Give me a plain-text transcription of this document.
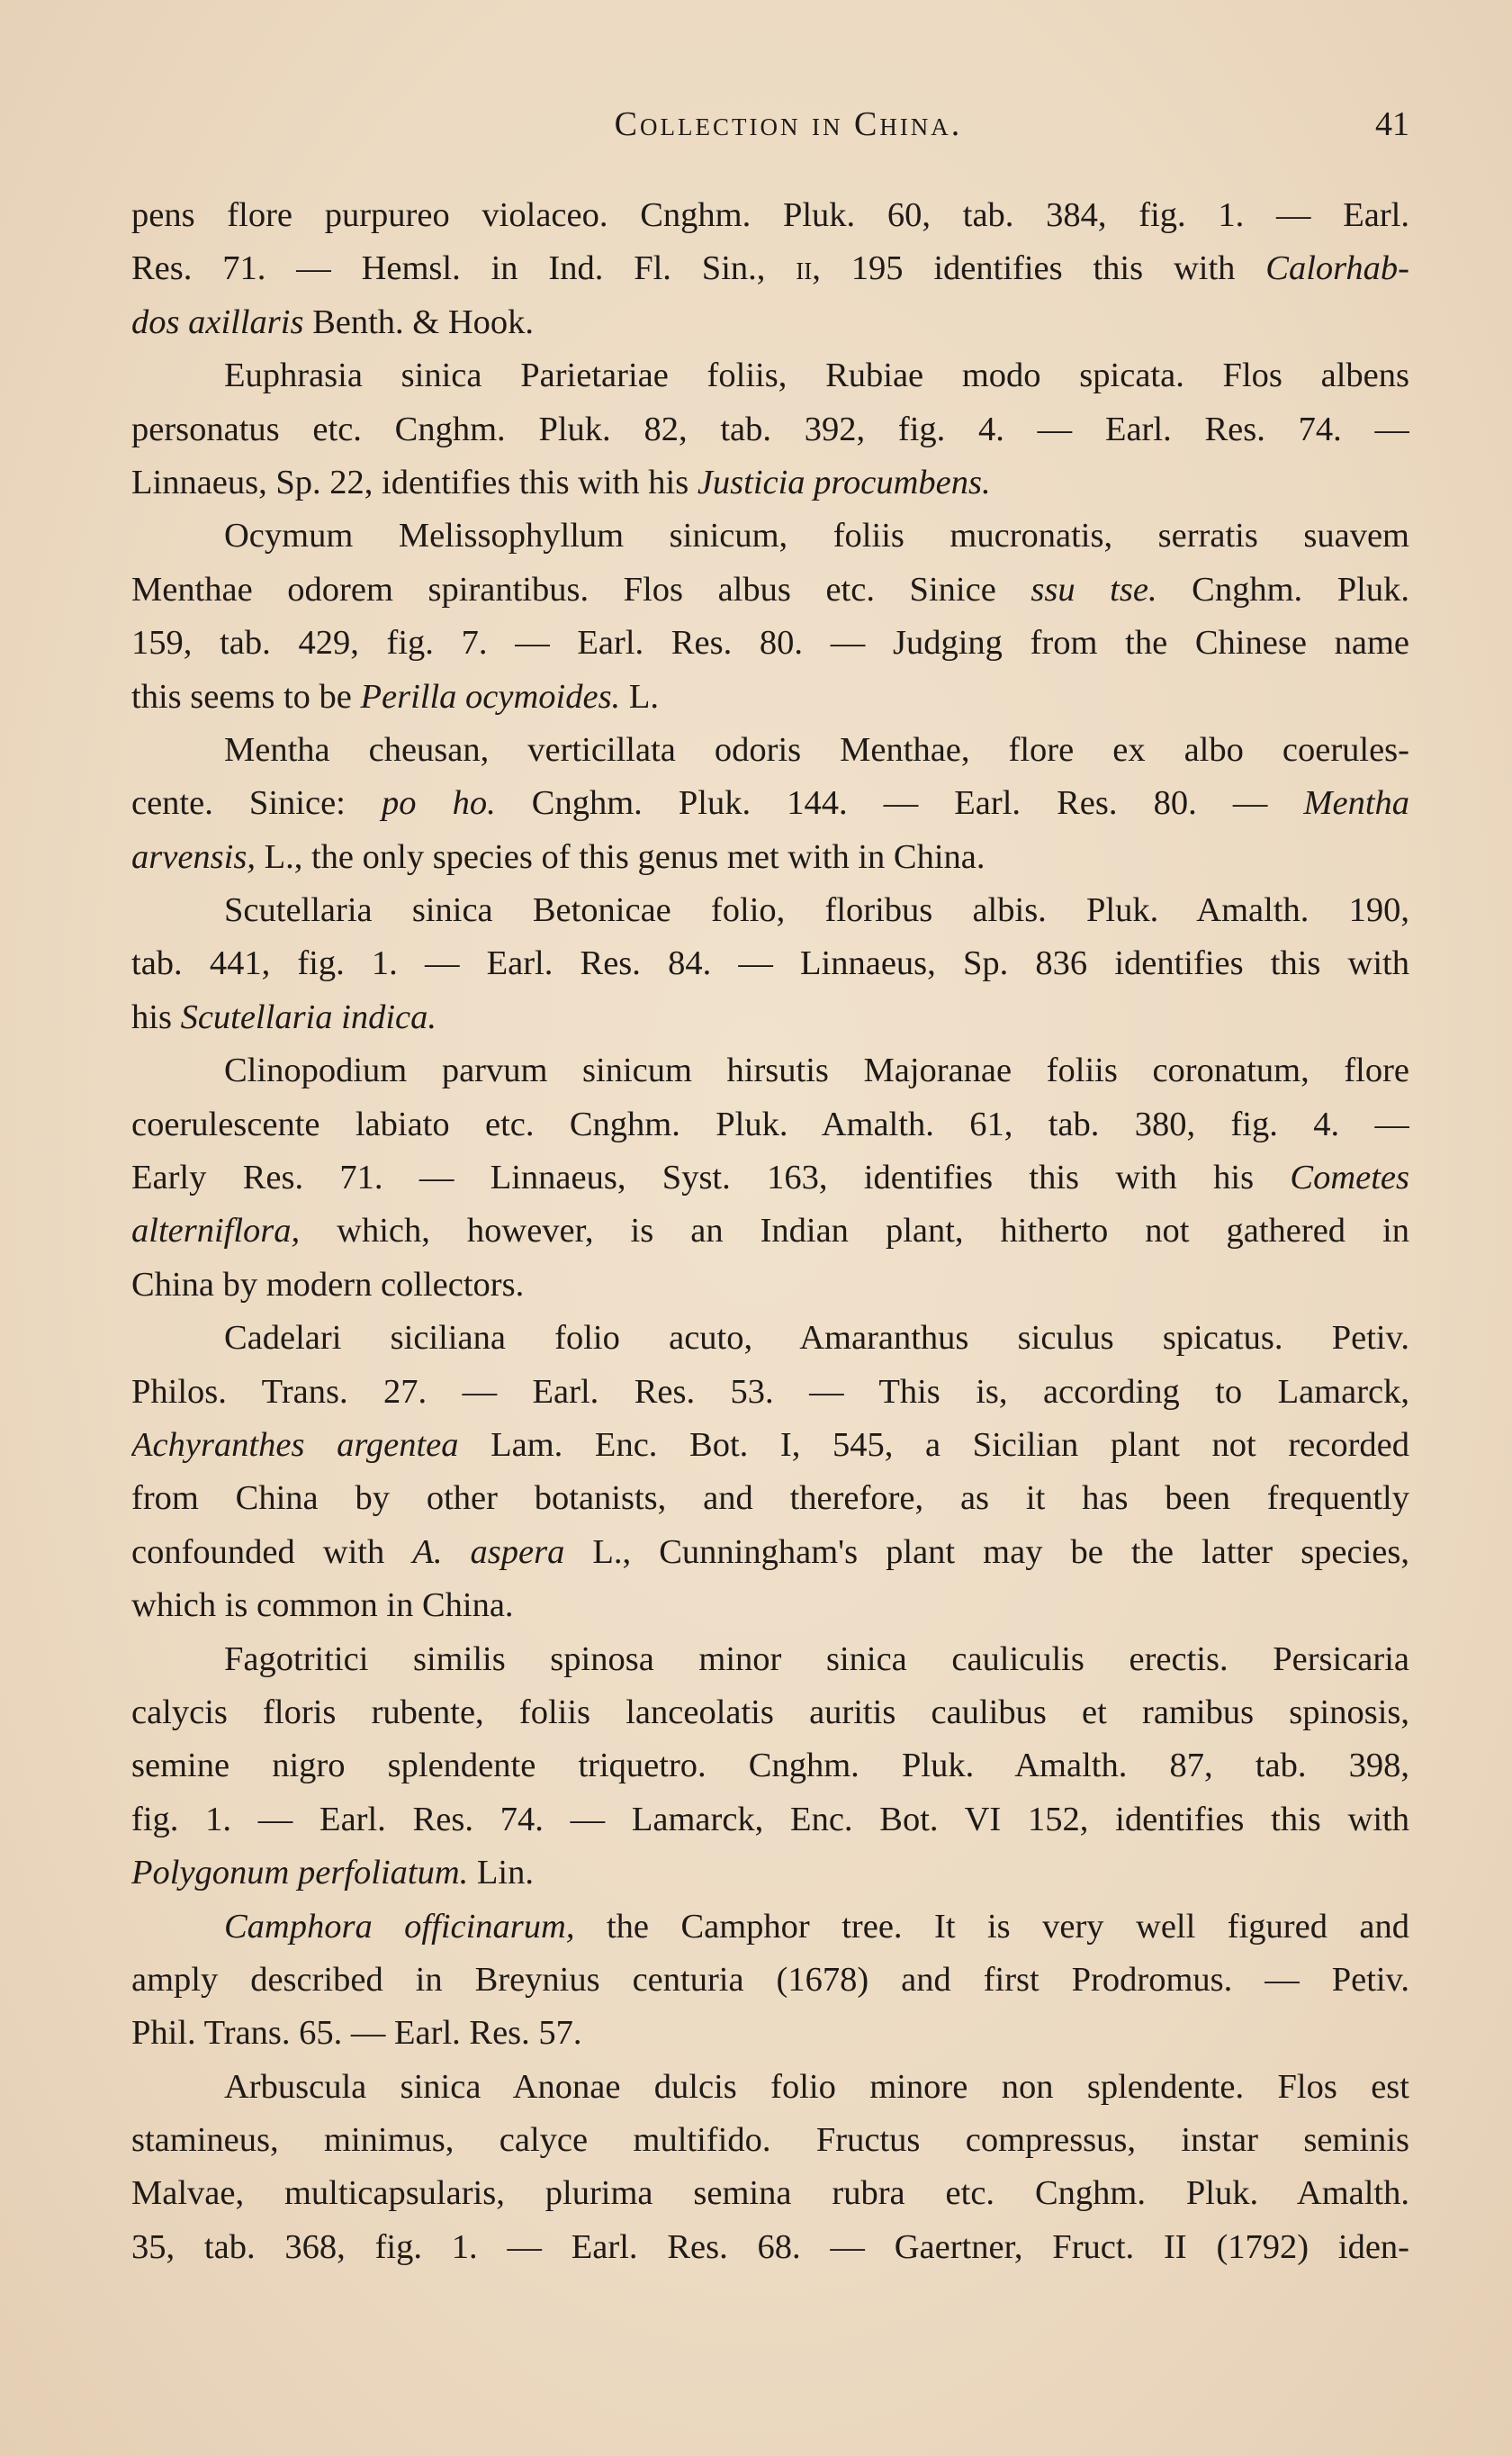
Collection in China.	41
pens flore purpureo violaceo. Cnghm. Pluk. 60, tab. 384, fig. 1. — Earl.
Res. 71. — Hemsl. in Ind. Fl. Sin., ii, 195 identifies this with Calorhab-
dos axillaris Benth. & Hook.
Euphrasia sinica Parietariae foliis, Rubiae modo spicata. Flos albens
personatus etc. Cnghm. Pluk. 82, tab. 392, fig. 4. — Earl. Res. 74. —
Linnaeus, Sp. 22, identifies this with his Justicia procumbens.
Ocymum Melissophyllum sinicum, foliis mucronatis, serratis suavem
Menthae odorem spirantibus. Flos albus etc. Sinice ssu tse. Cnghm. Pluk.
159, tab. 429, fig. 7. — Earl. Res. 80. — Judging from the Chinese name
this seems to be Perilla ocymoides. L.
Mentha cheusan, verticillata odoris Menthae, flore ex albo coerules-
cente. Sinice: po ho. Cnghm. Pluk. 144. — Earl. Res. 80. — Mentha
arvensis, L., the only species of this genus met with in China.
Scutellaria sinica Betonicae folio, floribus albis. Pluk. Amalth. 190,
tab. 441, fig. 1. — Earl. Res. 84. — Linnaeus, Sp. 836 identifies this with
his Scutellaria indica.
Clinopodium parvum sinicum hirsutis Majoranae foliis coronatum, flore
coerulescente labiato etc. Cnghm. Pluk. Amalth. 61, tab. 380, fig. 4. —
Early Res. 71. — Linnaeus, Syst. 163, identifies this with his Cometes
alterniflora, which, however, is an Indian plant, hitherto not gathered in
China by modern collectors.
Cadelari siciliana folio acuto, Amaranthus siculus spicatus. Petiv.
Philos. Trans. 27. — Earl. Res. 53. — This is, according to Lamarck,
Achyranthes argentea Lam. Enc. Bot. I, 545, a Sicilian plant not recorded
from China by other botanists, and therefore, as it has been frequently
confounded with A. aspera L., Cunningham's plant may be the latter species,
which is common in China.
Fagotritici similis spinosa minor sinica cauliculis erectis. Persicaria
calycis floris rubente, foliis lanceolatis auritis caulibus et ramibus spinosis,
semine nigro splendente triquetro. Cnghm. Pluk. Amalth. 87, tab. 398,
fig. 1. — Earl. Res. 74. — Lamarck, Enc. Bot. VI 152, identifies this with
Polygonum perfoliatum. Lin.
Camphora officinarum, the Camphor tree. It is very well figured and
amply described in Breynius centuria (1678) and first Prodromus. — Petiv.
Phil. Trans. 65. — Earl. Res. 57.
Arbuscula sinica Anonae dulcis folio minore non splendente. Flos est
stamineus, minimus, calyce multifido. Fructus compressus, instar seminis
Malvae, multicapsularis, plurima semina rubra etc. Cnghm. Pluk. Amalth.
35, tab. 368, fig. 1. — Earl. Res. 68. — Gaertner, Fruct. II (1792) iden-
